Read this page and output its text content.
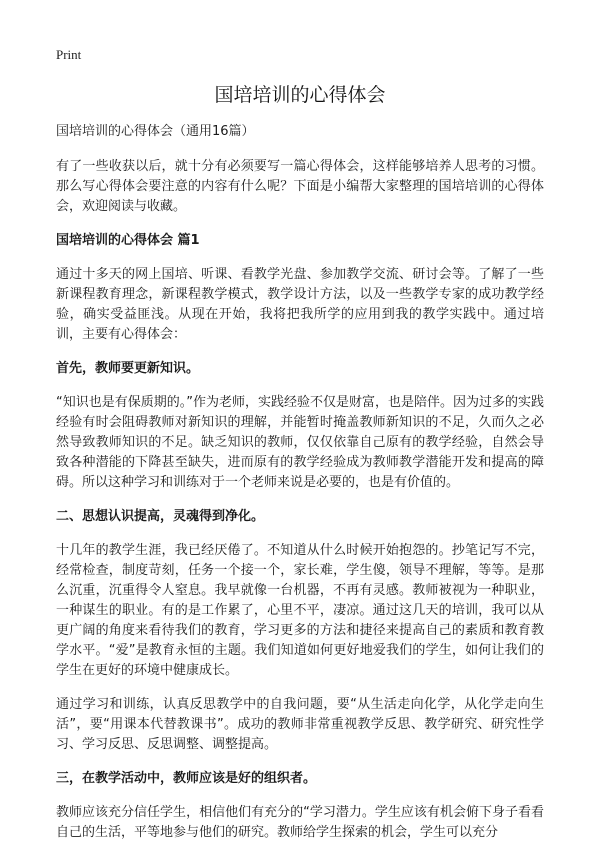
Print
国培培训的心得体会
国培培训的心得体会（通用16篇）

有了一些收获以后，就十分有必须要写一篇心得体会，这样能够培养人思考的习惯。那么写心得体会要注意的内容有什么呢？下面是小编帮大家整理的国培培训的心得体会，欢迎阅读与收藏。

国培培训的心得体会 篇1

通过十多天的网上国培、听课、看教学光盘、参加教学交流、研讨会等。了解了一些新课程教育理念，新课程教学模式，教学设计方法，以及一些教学专家的成功教学经验，确实受益匪浅。从现在开始，我将把我所学的应用到我的教学实践中。通过培训，主要有心得体会：

首先，教师要更新知识。

“知识也是有保质期的。”作为老师，实践经验不仅是财富，也是陪伴。因为过多的实践经验有时会阻碍教师对新知识的理解，并能暂时掩盖教师新知识的不足，久而久之必然导致教师知识的不足。缺乏知识的教师，仅仅依靠自己原有的教学经验，自然会导致各种潜能的下降甚至缺失，进而原有的教学经验成为教师教学潜能开发和提高的障碍。所以这种学习和训练对于一个老师来说是必要的，也是有价值的。

二、思想认识提高，灵魂得到净化。

十几年的教学生涯，我已经厌倦了。不知道从什么时候开始抱怨的。抄笔记写不完，经常检查，制度苛刻，任务一个接一个，家长难，学生傻，领导不理解，等等。是那么沉重，沉重得令人窒息。我早就像一台机器，不再有灵感。教师被视为一种职业，一种谋生的职业。有的是工作累了，心里不平，凄凉。通过这几天的培训，我可以从更广阔的角度来看待我们的教育，学习更多的方法和捷径来提高自己的素质和教育教学水平。“爱”是教育永恒的主题。我们知道如何更好地爱我们的学生，如何让我们的学生在更好的环境中健康成长。

通过学习和训练，认真反思教学中的自我问题，要“从生活走向化学，从化学走向生活”，要“用课本代替教课书”。成功的教师非常重视教学反思、教学研究、研究性学习、学习反思、反思调整、调整提高。

三，在教学活动中，教师应该是好的组织者。

教师应该充分信任学生，相信他们有充分的“学习潜力。学生应该有机会俯下身子看看自己的生活，平等地参与他们的研究。教师给学生探索的机会，学生可以充分
